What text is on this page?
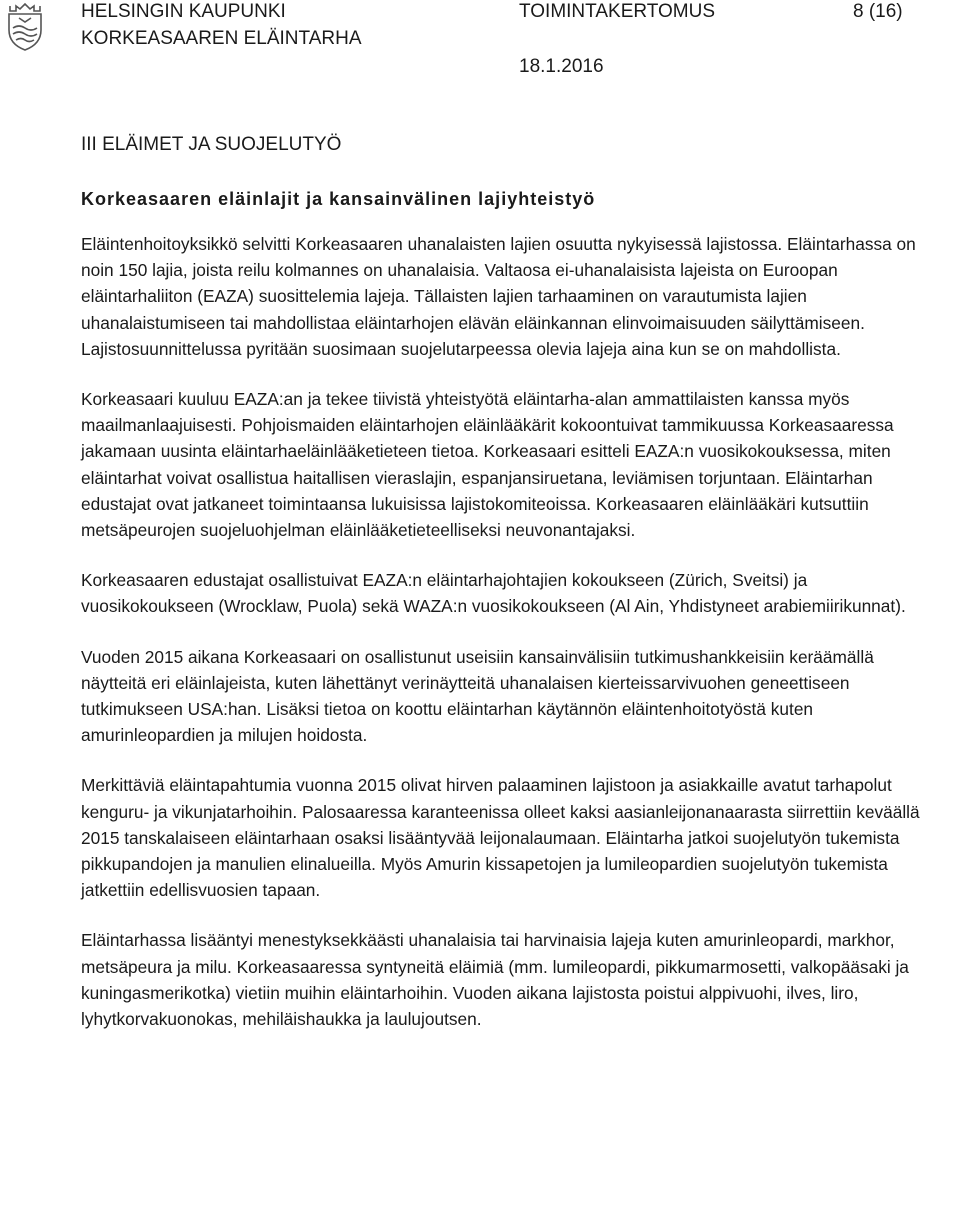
HELSINGIN KAUPUNKI
KORKEASAAREN ELÄINTARHA
TOIMINTAKERTOMUS	8 (16)
18.1.2016
III ELÄIMET JA SUOJELUTYÖ
Korkeasaaren eläinlajit ja kansainvälinen lajiyhteistyö

Eläintenhoitoyksikkö selvitti Korkeasaaren uhanalaisten lajien osuutta nykyisessä lajistossa. Eläintarhassa on noin 150 lajia, joista reilu kolmannes on uhanalaisia. Valtaosa ei-uhanalaisista lajeista on Euroopan eläintarhaliiton (EAZA) suosittelemia lajeja. Tällaisten lajien tarhaaminen on varautumista lajien uhanalaistumiseen tai mahdollistaa eläintarhojen elävän eläinkannan elinvoimaisuuden säilyttämiseen. Lajistosuunnittelussa pyritään suosimaan suojelutarpeessa olevia lajeja aina kun se on mahdollista.

Korkeasaari kuuluu EAZA:an ja tekee tiivistä yhteistyötä eläintarha-alan ammattilaisten kanssa myös maailmanlaajuisesti. Pohjoismaiden eläintarhojen eläinlääkärit kokoontuivat tammikuussa Korkeasaaressa jakamaan uusinta eläintarhaeläinlääketieteen tietoa. Korkeasaari esitteli EAZA:n vuosikokouksessa, miten eläintarhat voivat osallistua haitallisen vieraslajin, espanjansiruetana, leviämisen torjuntaan. Eläintarhan edustajat ovat jatkaneet toimintaansa lukuisissa lajistokomiteoissa. Korkeasaaren eläinlääkäri kutsuttiin metsäpeurojen suojeluohjelman eläinlääketieteelliseksi neuvonantajaksi.

Korkeasaaren edustajat osallistuivat EAZA:n eläintarhajohtajien kokoukseen (Zürich, Sveitsi) ja vuosikokoukseen (Wrocklaw, Puola) sekä WAZA:n vuosikokoukseen (Al Ain, Yhdistyneet arabiemiirikunnat).

Vuoden 2015 aikana Korkeasaari on osallistunut useisiin kansainvälisiin tutkimushankkeisiin keräämällä näytteitä eri eläinlajeista, kuten lähettänyt verinäytteitä uhanalaisen kierteissarvivuohen geneettiseen tutkimukseen USA:han. Lisäksi tietoa on koottu eläintarhan käytännön eläintenhoitotyöstä kuten amurinleopardien ja milujen hoidosta.

Merkittäviä eläintapahtumia vuonna 2015 olivat hirven palaaminen lajistoon ja asiakkaille avatut tarhapolut kenguru- ja vikunjatarhoihin. Palosaaressa karanteenissa olleet kaksi aasianleijonanaarasta siirrettiin keväällä 2015 tanskalaiseen eläintarhaan osaksi lisääntyvää leijonalaumaan. Eläintarha jatkoi suojelutyön tukemista pikkupandojen ja manulien elinalueilla. Myös Amurin kissapetojen ja lumileopardien suojelutyön tukemista jatkettiin edellisvuosien tapaan.

Eläintarhassa lisääntyi menestyksekkäästi uhanalaisia tai harvinaisia lajeja kuten amurinleopardi, markhor, metsäpeura ja milu. Korkeasaaressa syntyneitä eläimiä (mm. lumileopardi, pikkumarmosetti, valkopääsaki ja kuningasmerikotka) vietiin muihin eläintarhoihin. Vuoden aikana lajistosta poistui alppivuohi, ilves, liro, lyhytkorvakuonokas, mehiläishaukka ja laulujoutsen.
